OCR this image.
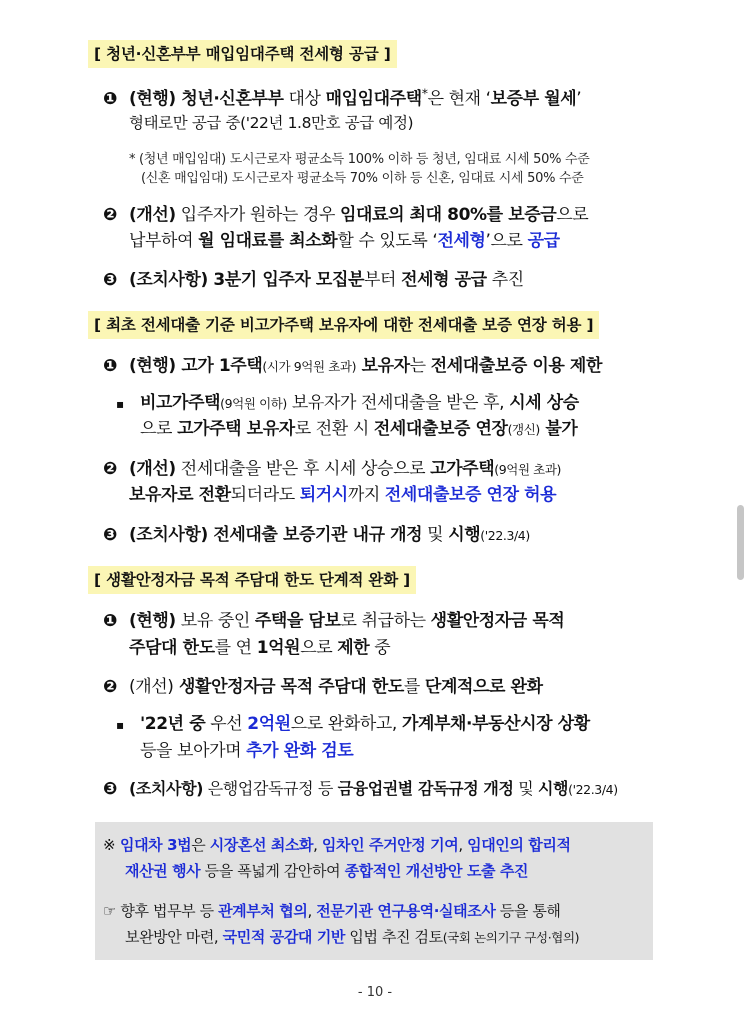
[ 청년·신혼부부 매입임대주택 전세형 공급 ]
❶ (현행) 청년·신혼부부 대상 매입임대주택*은 현재 ‘보증부 월세’
형태로만 공급 중('22년 1.8만호 공급 예정)
* (청년 매입임대) 도시근로자 평균소득 100% 이하 등 청년, 임대료 시세 50% 수준
(신혼 매입임대) 도시근로자 평균소득 70% 이하 등 신혼, 임대료 시세 50% 수준
❷ (개선) 입주자가 원하는 경우 임대료의 최대 80%를 보증금으로
납부하여 월 임대료를 최소화할 수 있도록 ‘전세형’으로 공급
❸ (조치사항) 3분기 입주자 모집분부터 전세형 공급 추진
[ 최초 전세대출 기준 비고가주택 보유자에 대한 전세대출 보증 연장 허용 ]
❶ (현행) 고가 1주택(시가 9억원 초과) 보유자는 전세대출보증 이용 제한
▪ 비고가주택(9억원 이하) 보유자가 전세대출을 받은 후, 시세 상승
으로 고가주택 보유자로 전환 시 전세대출보증 연장(갱신) 불가
❷ (개선) 전세대출을 받은 후 시세 상승으로 고가주택(9억원 초과)
보유자로 전환되더라도 퇴거시까지 전세대출보증 연장 허용
❸ (조치사항) 전세대출 보증기관 내규 개정 및 시행('22.3/4)
[ 생활안정자금 목적 주담대 한도 단계적 완화 ]
❶ (현행) 보유 중인 주택을 담보로 취급하는 생활안정자금 목적
주담대 한도를 연 1억원으로 제한 중
❷ (개선) 생활안정자금 목적 주담대 한도를 단계적으로 완화
▪ '22년 중 우선 2억원으로 완화하고, 가계부채·부동산시장 상황
등을 보아가며 추가 완화 검토
❸ (조치사항) 은행업감독규정 등 금융업권별 감독규정 개정 및 시행('22.3/4)
※ 임대차 3법은 시장혼선 최소화, 임차인 주거안정 기여, 임대인의 합리적
재산권 행사 등을 폭넓게 감안하여 종합적인 개선방안 도출 추진
☞ 향후 법무부 등 관계부처 협의, 전문기관 연구용역·실태조사 등을 통해
보완방안 마련, 국민적 공감대 기반 입법 추진 검토(국회 논의기구 구성·협의)
- 10 -
